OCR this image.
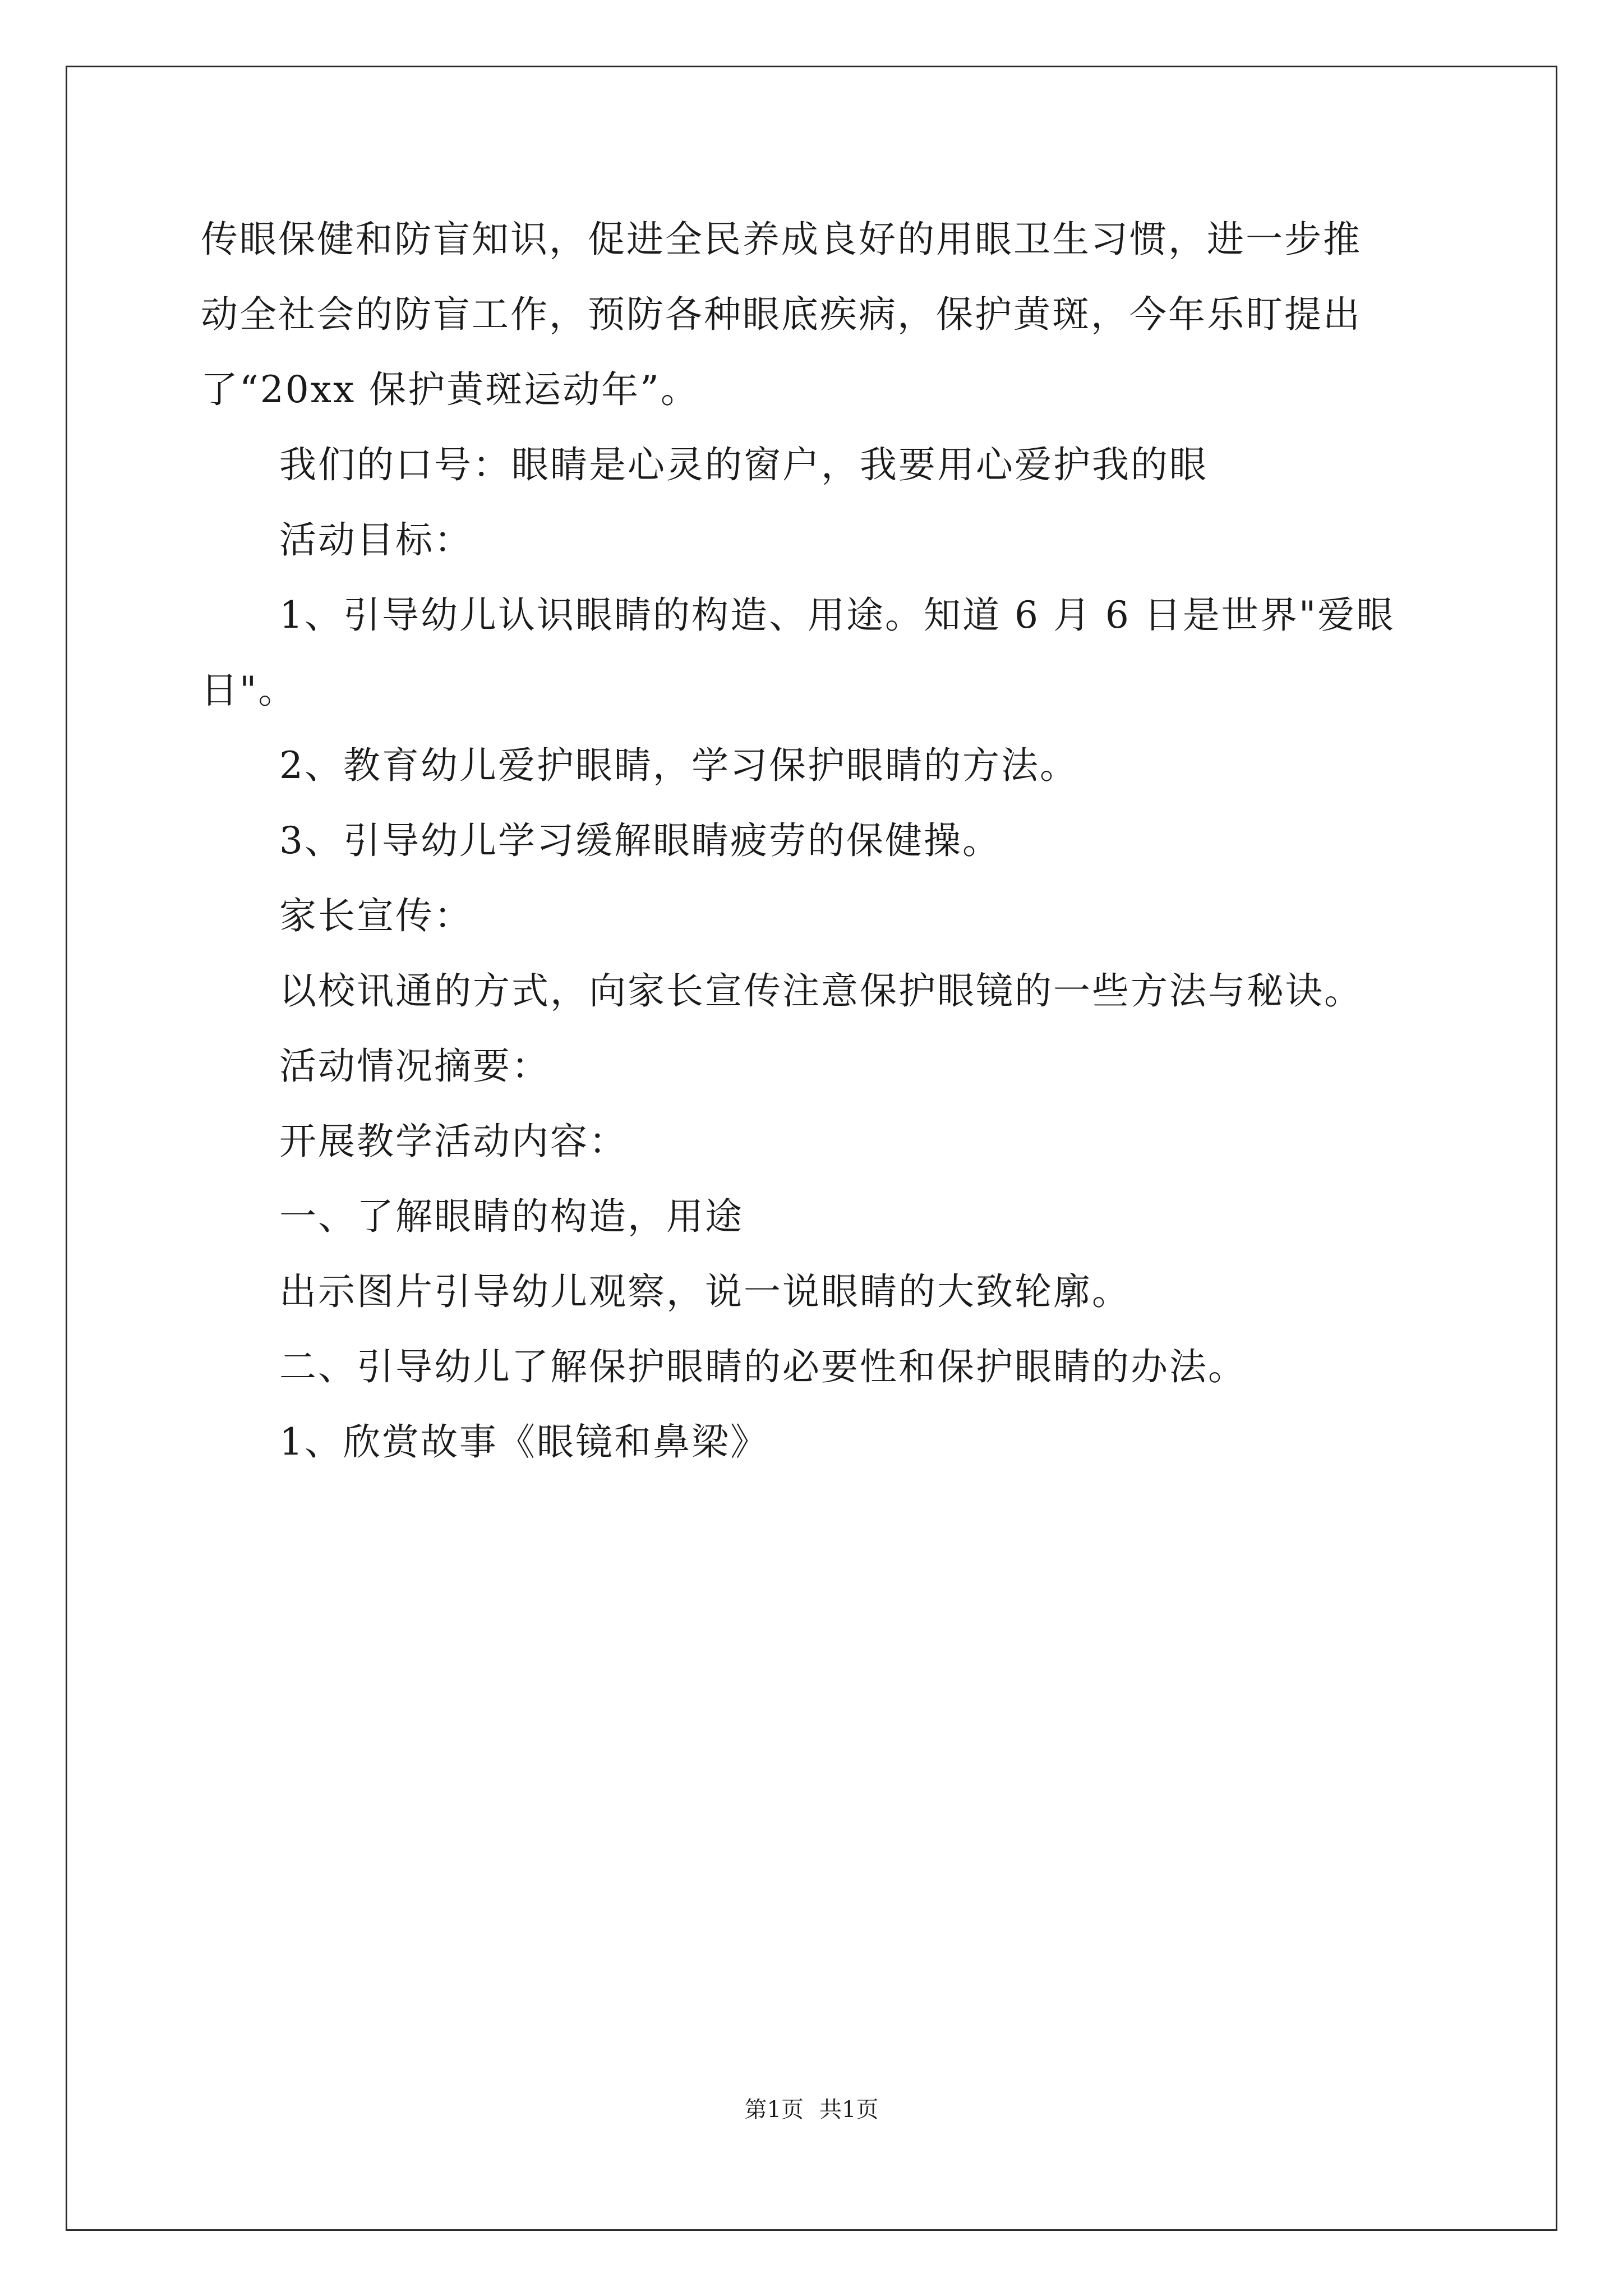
传眼保健和防盲知识，促进全民养成良好的用眼卫生习惯，进一步推

动全社会的防盲工作，预防各种眼底疾病，保护黄斑，今年乐盯提出

了“20xx 保护黄斑运动年”。

我们的口号：眼睛是心灵的窗户，我要用心爱护我的眼

活动目标：

1、引导幼儿认识眼睛的构造、用途。知道 6 月 6 日是世界"爱眼

日"。

2、教育幼儿爱护眼睛，学习保护眼睛的方法。

3、引导幼儿学习缓解眼睛疲劳的保健操。

家长宣传：

以校讯通的方式，向家长宣传注意保护眼镜的一些方法与秘诀。

活动情况摘要：

开展教学活动内容：

一、了解眼睛的构造，用途

出示图片引导幼儿观察，说一说眼睛的大致轮廓。

二、引导幼儿了解保护眼睛的必要性和保护眼睛的办法。

1、欣赏故事《眼镜和鼻梁》

第1页 共1页
